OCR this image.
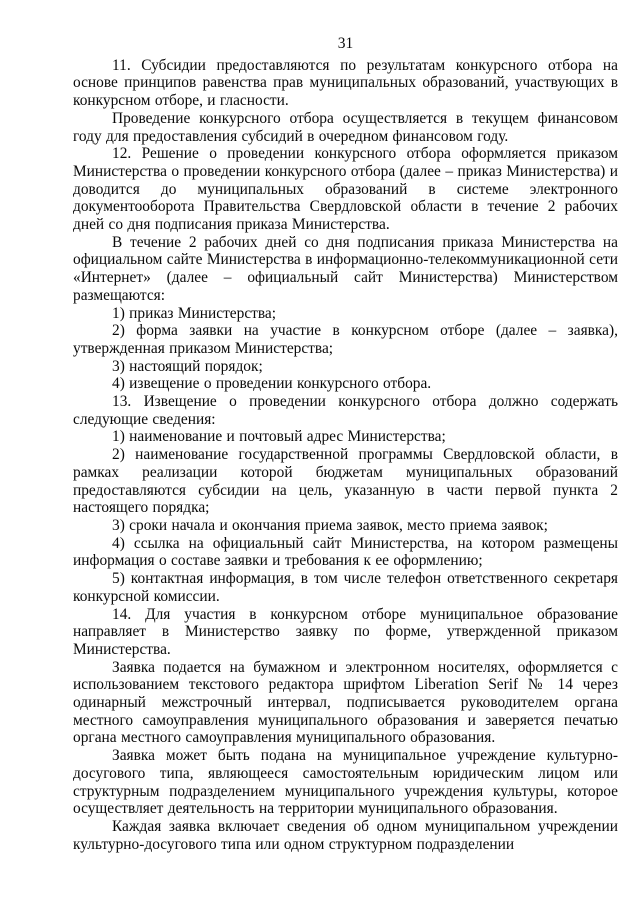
31

11. Субсидии предоставляются по результатам конкурсного отбора на основе принципов равенства прав муниципальных образований, участвующих в конкурсном отборе, и гласности.

Проведение конкурсного отбора осуществляется в текущем финансовом году для предоставления субсидий в очередном финансовом году.

12. Решение о проведении конкурсного отбора оформляется приказом Министерства о проведении конкурсного отбора (далее – приказ Министерства) и доводится до муниципальных образований в системе электронного документооборота Правительства Свердловской области в течение 2 рабочих дней со дня подписания приказа Министерства.

В течение 2 рабочих дней со дня подписания приказа Министерства на официальном сайте Министерства в информационно-телекоммуникационной сети «Интернет» (далее – официальный сайт Министерства) Министерством размещаются:

1) приказ Министерства;

2) форма заявки на участие в конкурсном отборе (далее – заявка), утвержденная приказом Министерства;

3) настоящий порядок;

4) извещение о проведении конкурсного отбора.

13. Извещение о проведении конкурсного отбора должно содержать следующие сведения:

1) наименование и почтовый адрес Министерства;

2) наименование государственной программы Свердловской области, в рамках реализации которой бюджетам муниципальных образований предоставляются субсидии на цель, указанную в части первой пункта 2 настоящего порядка;

3) сроки начала и окончания приема заявок, место приема заявок;

4) ссылка на официальный сайт Министерства, на котором размещены информация о составе заявки и требования к ее оформлению;

5) контактная информация, в том числе телефон ответственного секретаря конкурсной комиссии.

14. Для участия в конкурсном отборе муниципальное образование направляет в Министерство заявку по форме, утвержденной приказом Министерства.

Заявка подается на бумажном и электронном носителях, оформляется с использованием текстового редактора шрифтом Liberation Serif № 14 через одинарный межстрочный интервал, подписывается руководителем органа местного самоуправления муниципального образования и заверяется печатью органа местного самоуправления муниципального образования.

Заявка может быть подана на муниципальное учреждение культурно-досугового типа, являющееся самостоятельным юридическим лицом или структурным подразделением муниципального учреждения культуры, которое осуществляет деятельность на территории муниципального образования.

Каждая заявка включает сведения об одном муниципальном учреждении культурно-досугового типа или одном структурном подразделении
